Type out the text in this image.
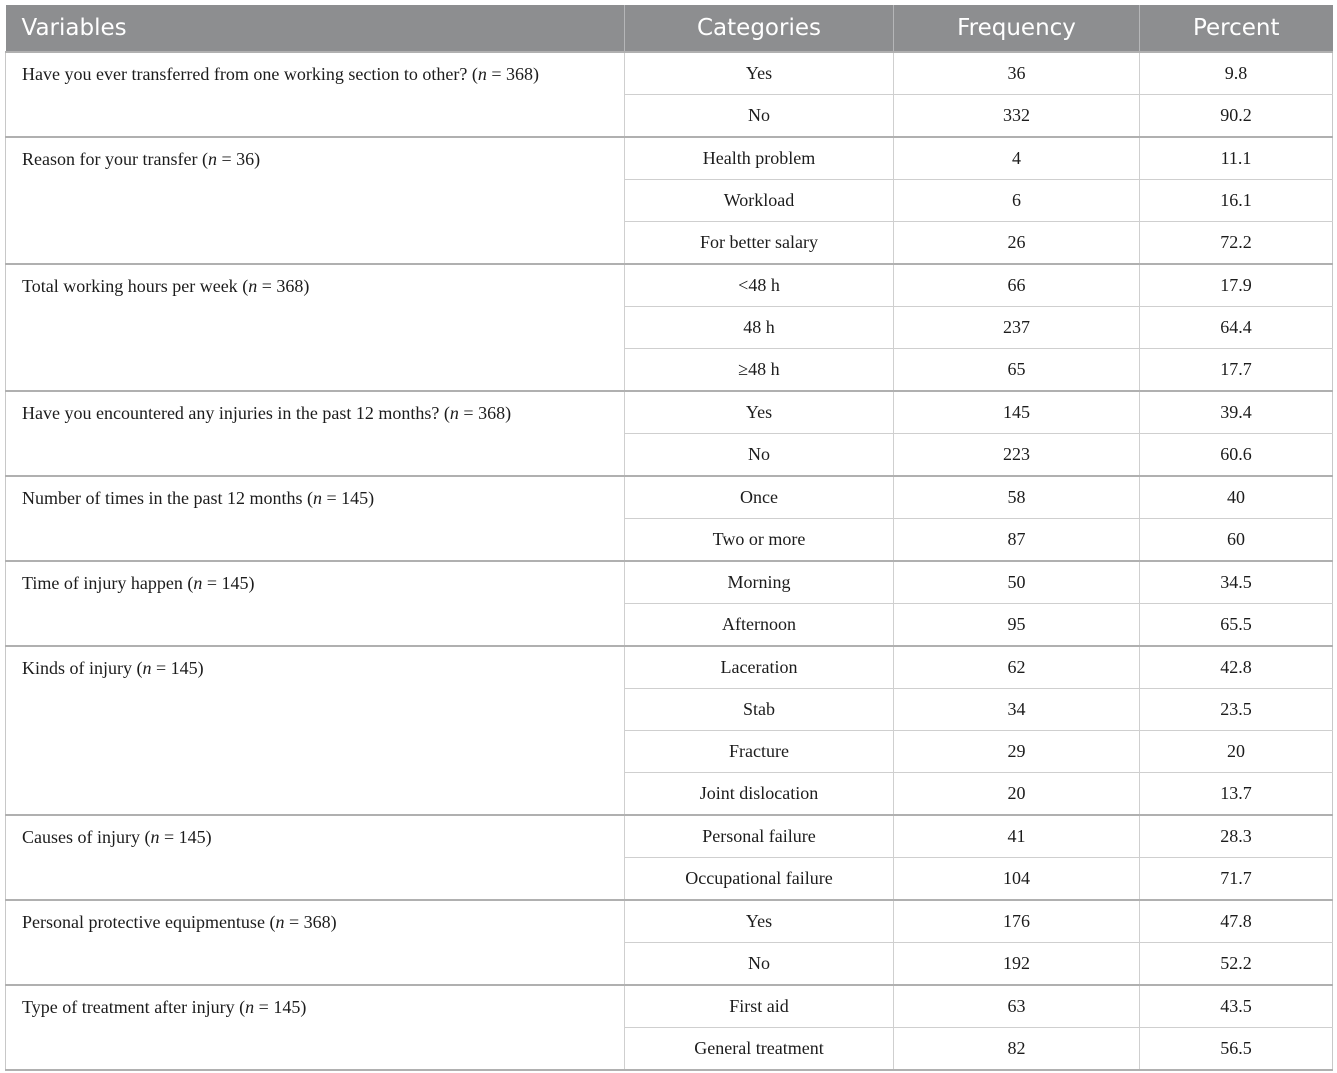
Variables	Categories	Frequency	Percent
Have you ever transferred from one working section to other? (n = 368)	Yes	36	9.8
	No	332	90.2
Reason for your transfer (n = 36)	Health problem	4	11.1
	Workload	6	16.1
	For better salary	26	72.2
Total working hours per week (n = 368)	<48 h	66	17.9
	48 h	237	64.4
	≥48 h	65	17.7
Have you encountered any injuries in the past 12 months? (n = 368)	Yes	145	39.4
	No	223	60.6
Number of times in the past 12 months (n = 145)	Once	58	40
	Two or more	87	60
Time of injury happen (n = 145)	Morning	50	34.5
	Afternoon	95	65.5
Kinds of injury (n = 145)	Laceration	62	42.8
	Stab	34	23.5
	Fracture	29	20
	Joint dislocation	20	13.7
Causes of injury (n = 145)	Personal failure	41	28.3
	Occupational failure	104	71.7
Personal protective equipmentuse (n = 368)	Yes	176	47.8
	No	192	52.2
Type of treatment after injury (n = 145)	First aid	63	43.5
	General treatment	82	56.5
